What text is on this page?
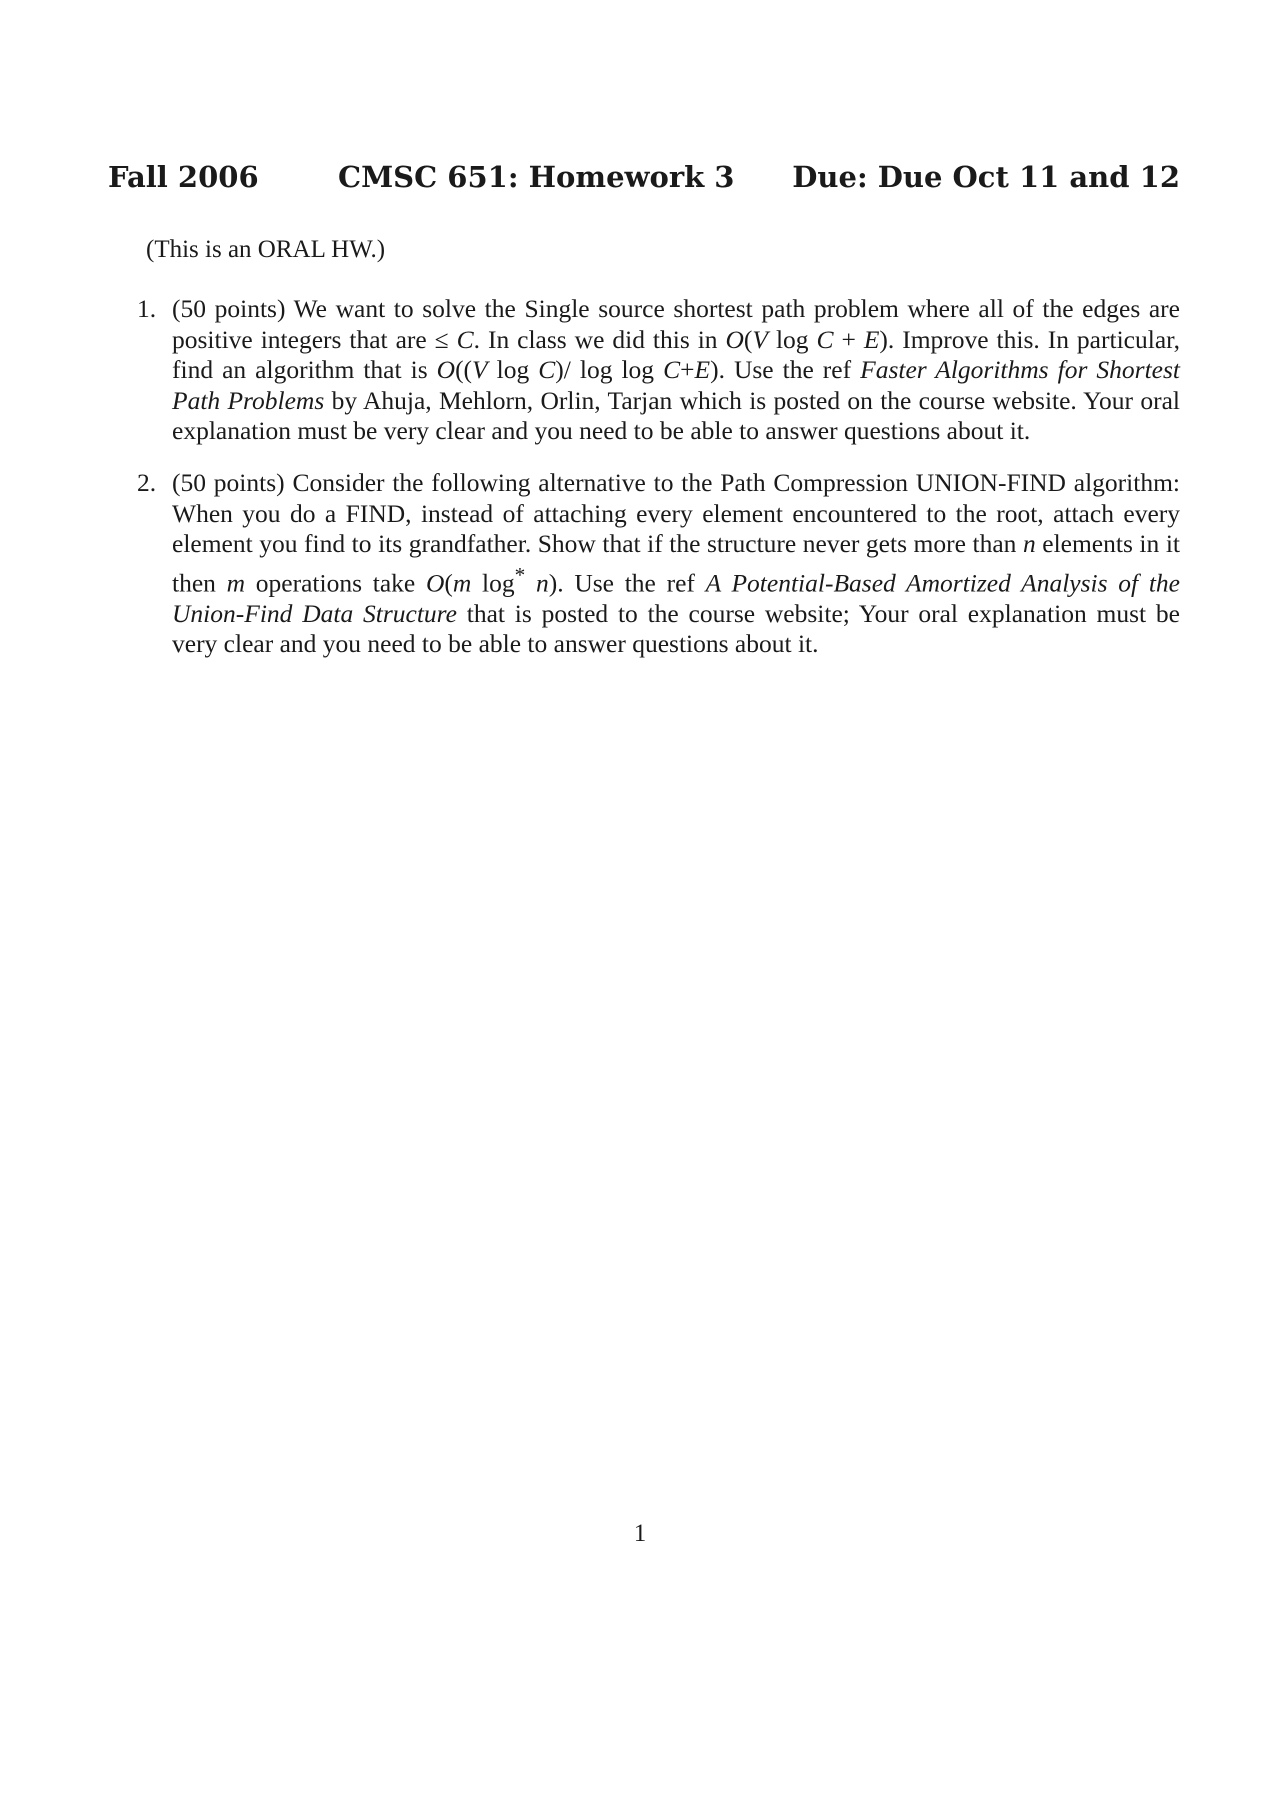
Fall 2006	CMSC 651: Homework 3 Due: Due Oct 11 and 12
(This is an ORAL HW.)
1. (50 points) We want to solve the Single source shortest path problem where all of the edges are positive integers that are ≤ C. In class we did this in O(V log C + E). Improve this. In particular, find an algorithm that is O((V log C)/ log log C+E). Use the ref Faster Algorithms for Shortest Path Problems by Ahuja, Mehlorn, Orlin, Tarjan which is posted on the course website. Your oral explanation must be very clear and you need to be able to answer questions about it.

2. (50 points) Consider the following alternative to the Path Compression UNION-FIND algorithm: When you do a FIND, instead of attaching every element encountered to the root, attach every element you find to its grandfather. Show that if the structure never gets more than n elements in it then m operations take O(m log* n). Use the ref A Potential-Based Amortized Analysis of the Union-Find Data Structure that is posted to the course website; Your oral explanation must be very clear and you need to be able to answer questions about it.

1
